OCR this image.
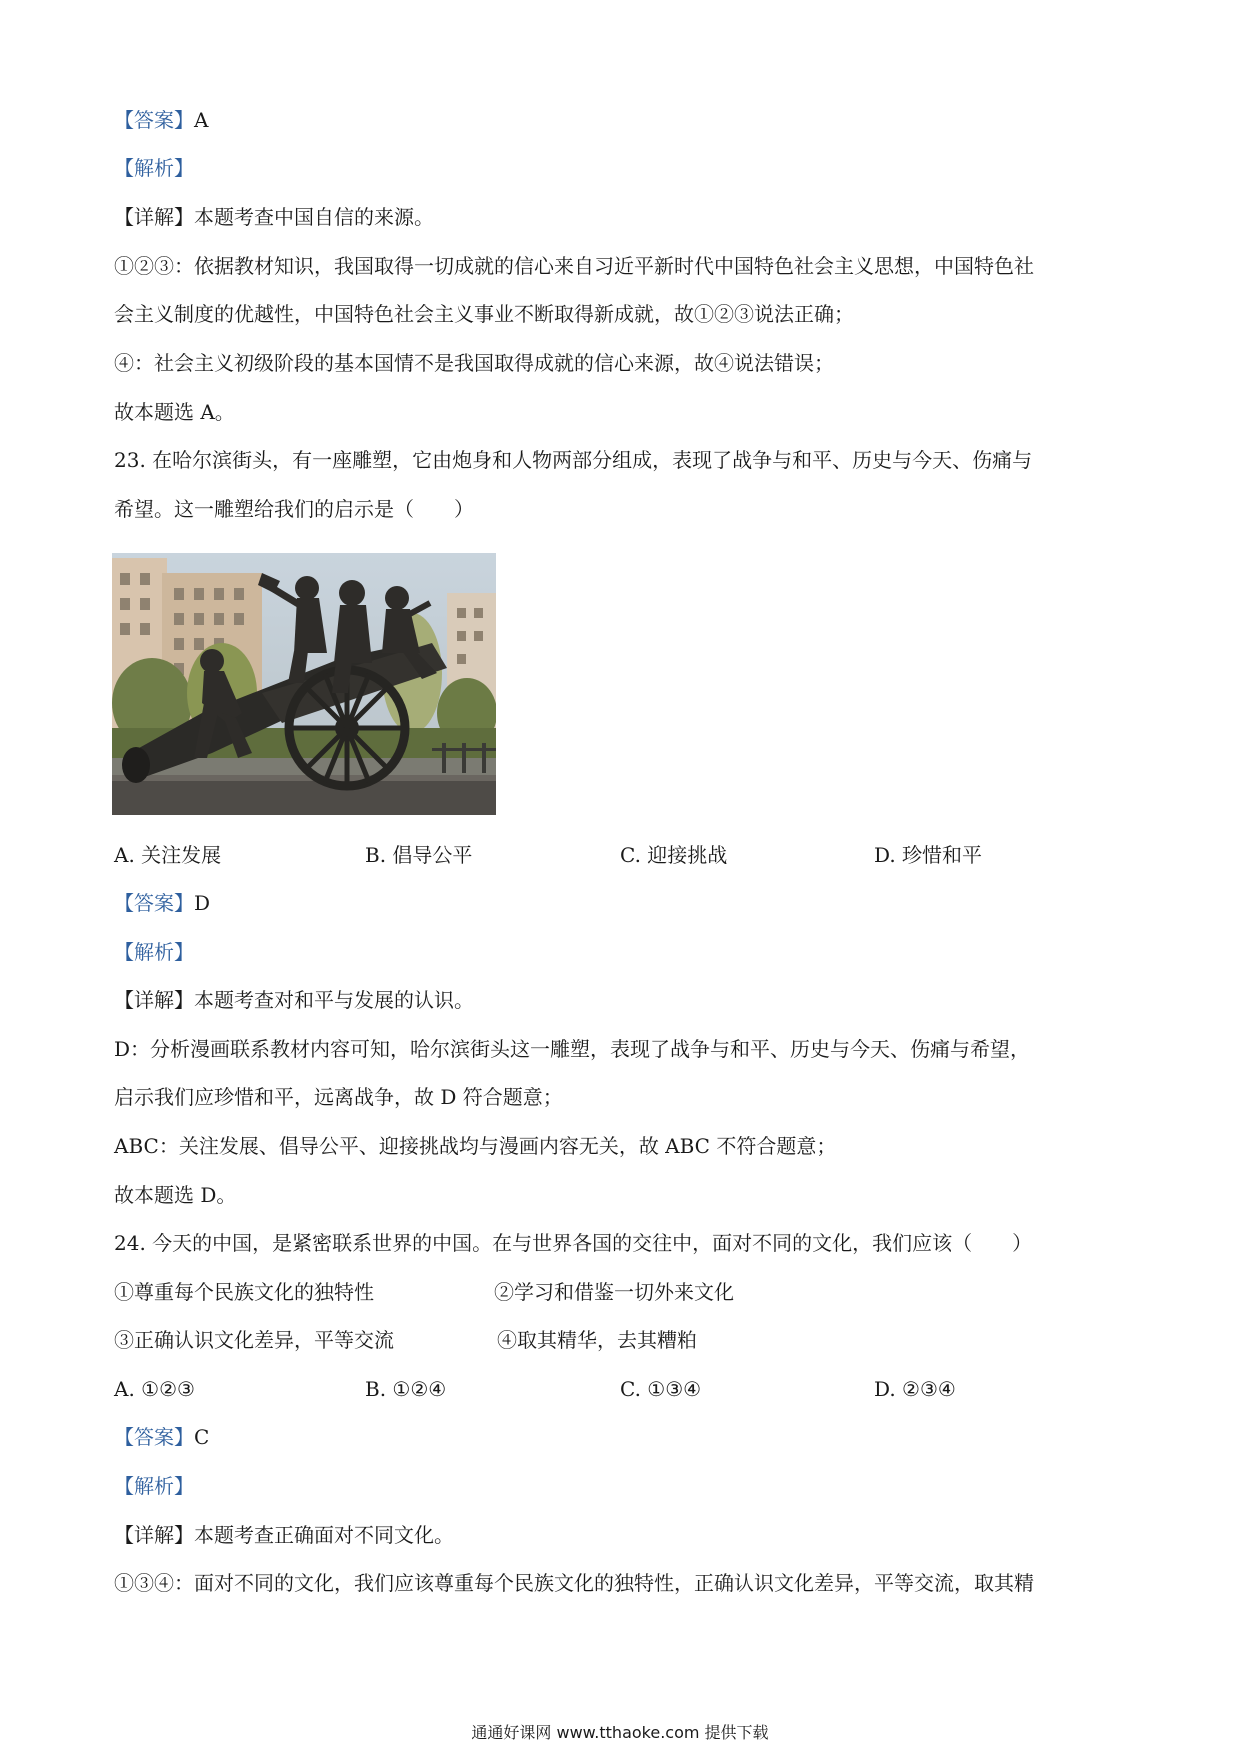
【答案】A
【解析】
【详解】本题考查中国自信的来源。
①②③：依据教材知识，我国取得一切成就的信心来自习近平新时代中国特色社会主义思想，中国特色社
会主义制度的优越性，中国特色社会主义事业不断取得新成就，故①②③说法正确；
④：社会主义初级阶段的基本国情不是我国取得成就的信心来源，故④说法错误；
故本题选 A。
23. 在哈尔滨街头，有一座雕塑，它由炮身和人物两部分组成，表现了战争与和平、历史与今天、伤痛与
希望。这一雕塑给我们的启示是（　　）
A. 关注发展	B. 倡导公平	C. 迎接挑战	D. 珍惜和平
【答案】D
【解析】
【详解】本题考查对和平与发展的认识。
D：分析漫画联系教材内容可知，哈尔滨街头这一雕塑，表现了战争与和平、历史与今天、伤痛与希望，
启示我们应珍惜和平，远离战争，故 D 符合题意；
ABC：关注发展、倡导公平、迎接挑战均与漫画内容无关，故 ABC 不符合题意；
故本题选 D。
24. 今天的中国，是紧密联系世界的中国。在与世界各国的交往中，面对不同的文化，我们应该（　　）
①尊重每个民族文化的独特性	②学习和借鉴一切外来文化
③正确认识文化差异，平等交流	④取其精华，去其糟粕
A. ①②③	B. ①②④	C. ①③④	D. ②③④
【答案】C
【解析】
【详解】本题考查正确面对不同文化。
①③④：面对不同的文化，我们应该尊重每个民族文化的独特性，正确认识文化差异，平等交流，取其精
通通好课网 www.tthaoke.com 提供下载
